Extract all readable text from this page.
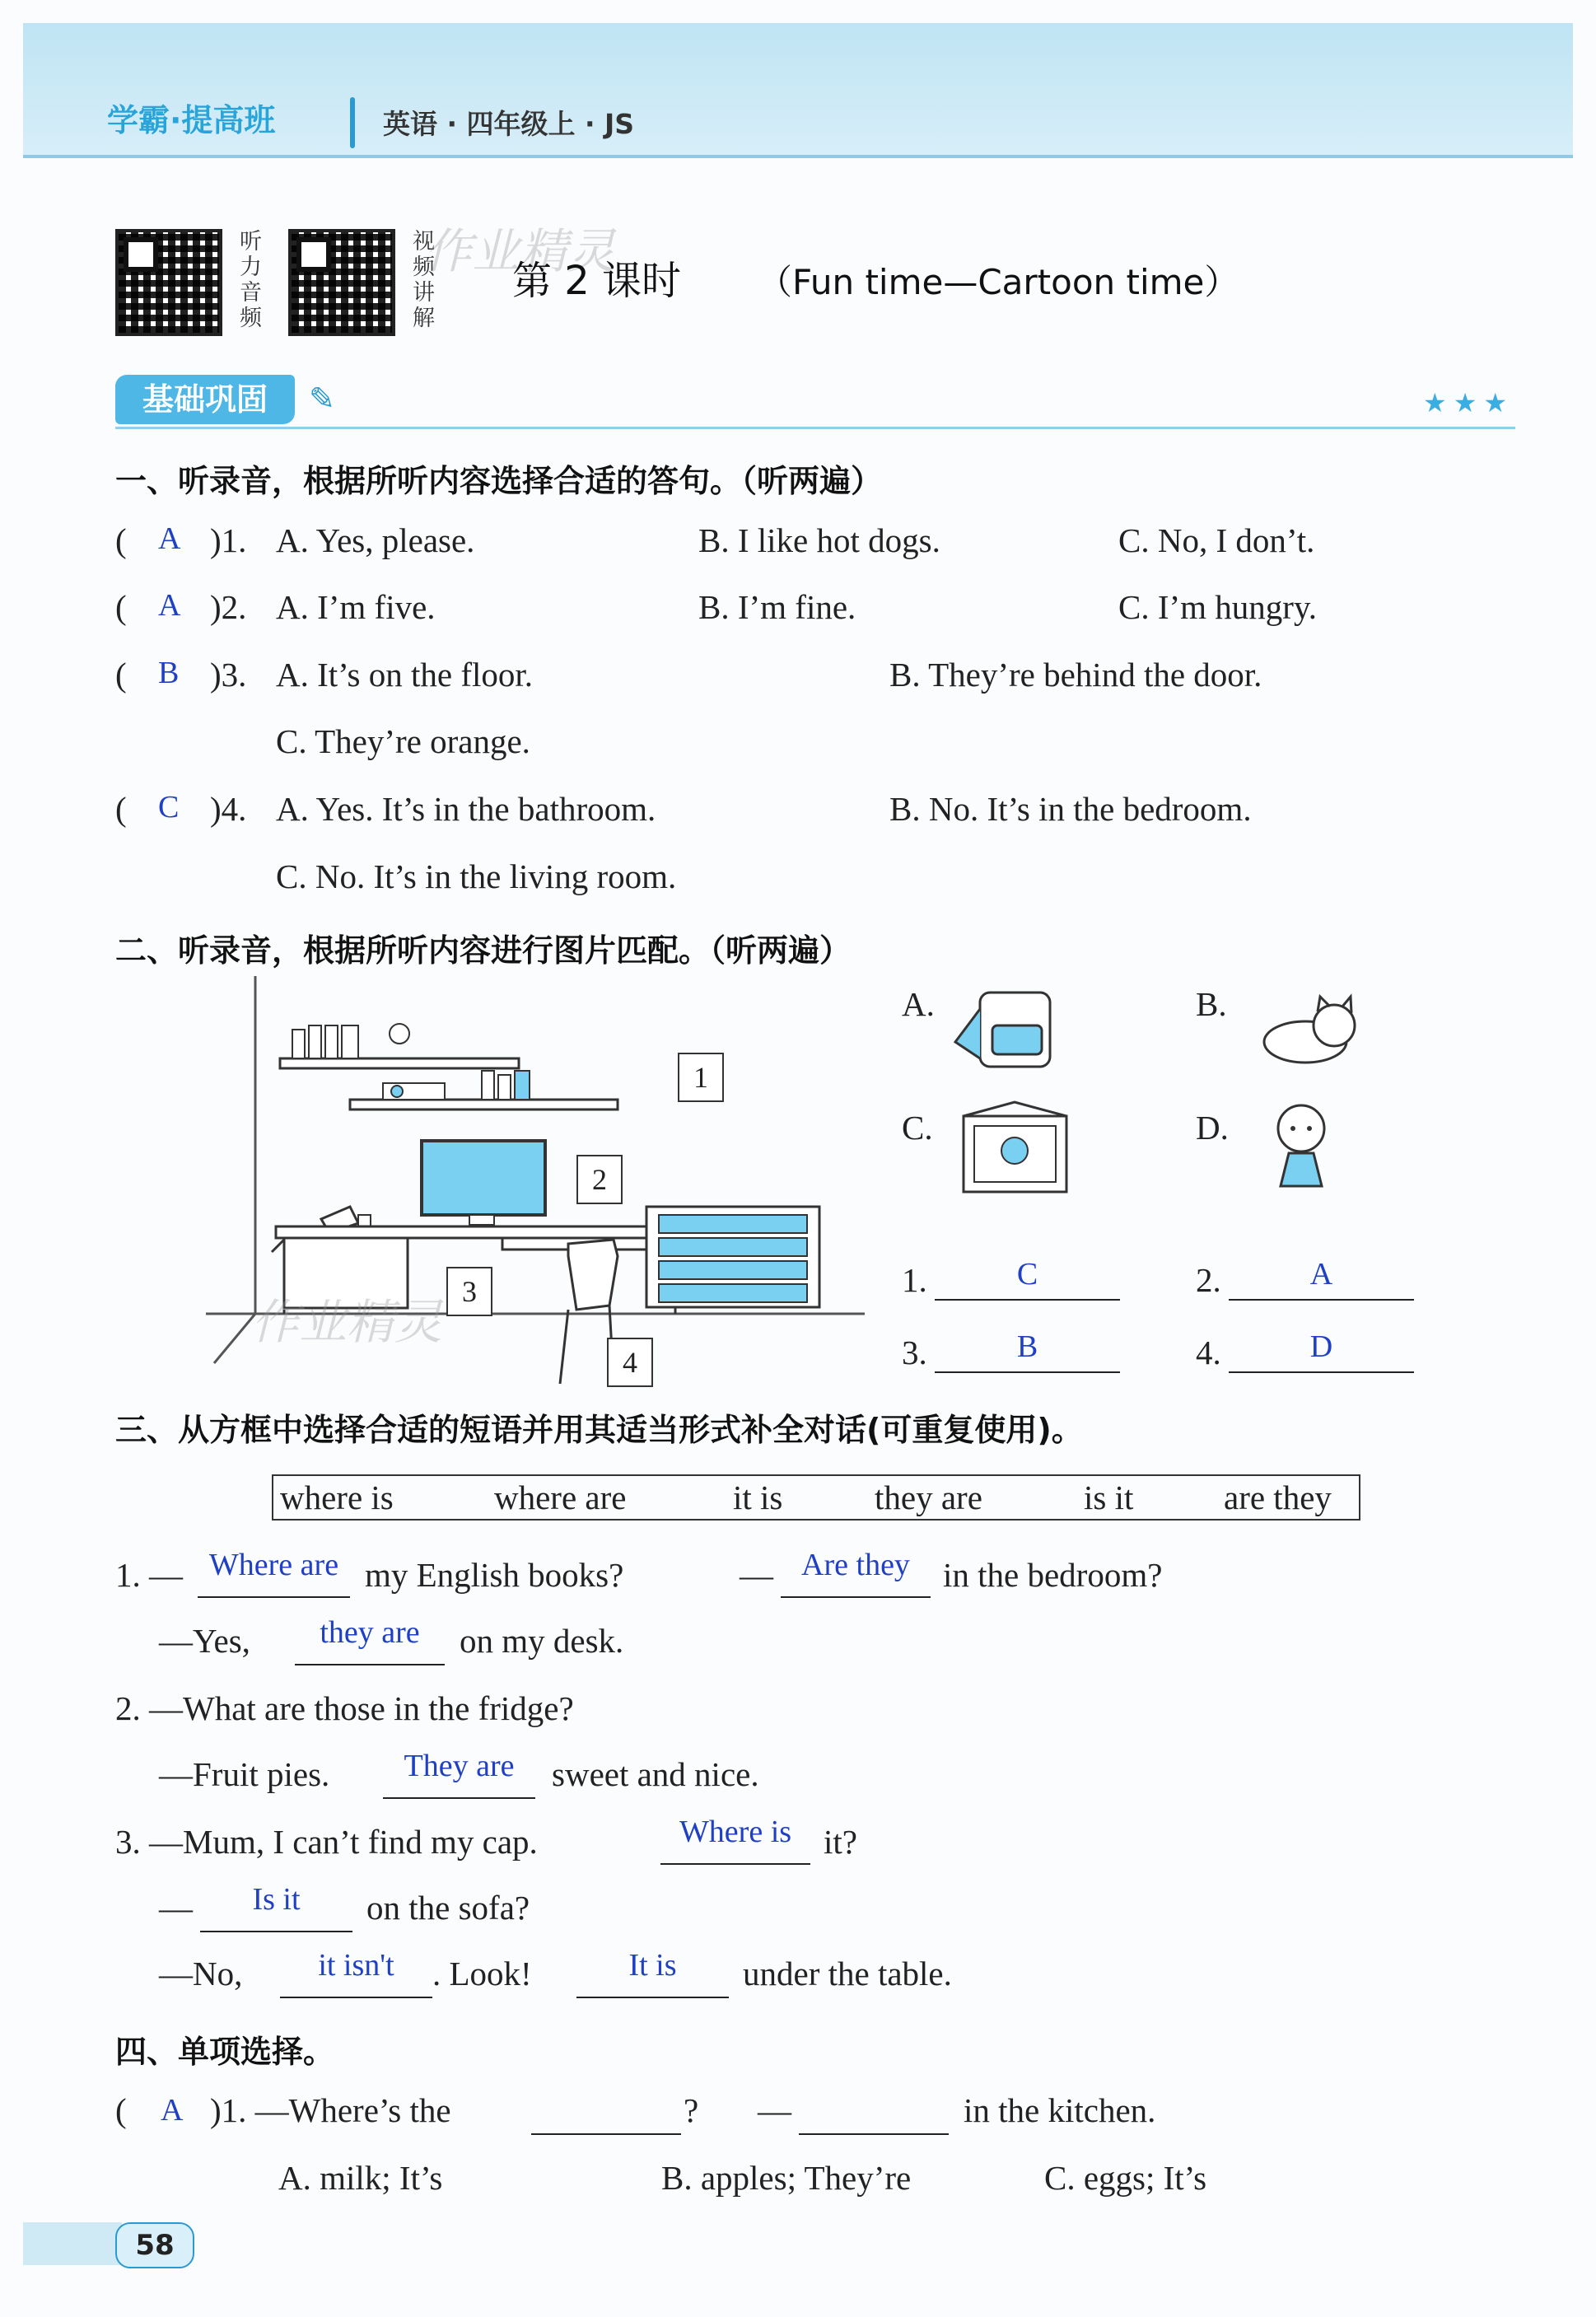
学霸·提高班	英语 · 四年级上 · JS
听力音频	视频讲解
作业精灵
第 2 课时 （Fun time—Cartoon time）
基础巩固	✎	★★★
一、听录音，根据所听内容选择合适的答句。（听两遍）
( A )1. A. Yes, please.	B. I like hot dogs.	C. No, I don’t.
( A )2. A. I’m five.	B. I’m fine.	C. I’m hungry.
( B )3. A. It’s on the floor.	B. They’re behind the door.
C. They’re orange.
( C )4. A. Yes. It’s in the bathroom.	B. No. It’s in the bedroom.
C. No. It’s in the living room.
二、听录音，根据所听内容进行图片匹配。（听两遍）
1
2
3
4
作业精灵
A.	B.
C.	D.
1.	C	2.	A
3.	B	4.	D
三、从方框中选择合适的短语并用其适当形式补全对话(可重复使用)。
where is	where are	it is	they are	is it	are they
1. — Where are my English books?	— Are they in the bedroom?
—Yes,	they are	on my desk.
2. —What are those in the fridge?
—Fruit pies.	They are	sweet and nice.
3. —Mum, I can’t find my cap.	Where is it?
—	Is it	on the sofa?
—No,	it isn't	. Look!	It is	under the table.
四、单项选择。
( A )1. —Where’s the	? —	in the kitchen.
A. milk; It’s	B. apples; They’re	C. eggs; It’s
58
